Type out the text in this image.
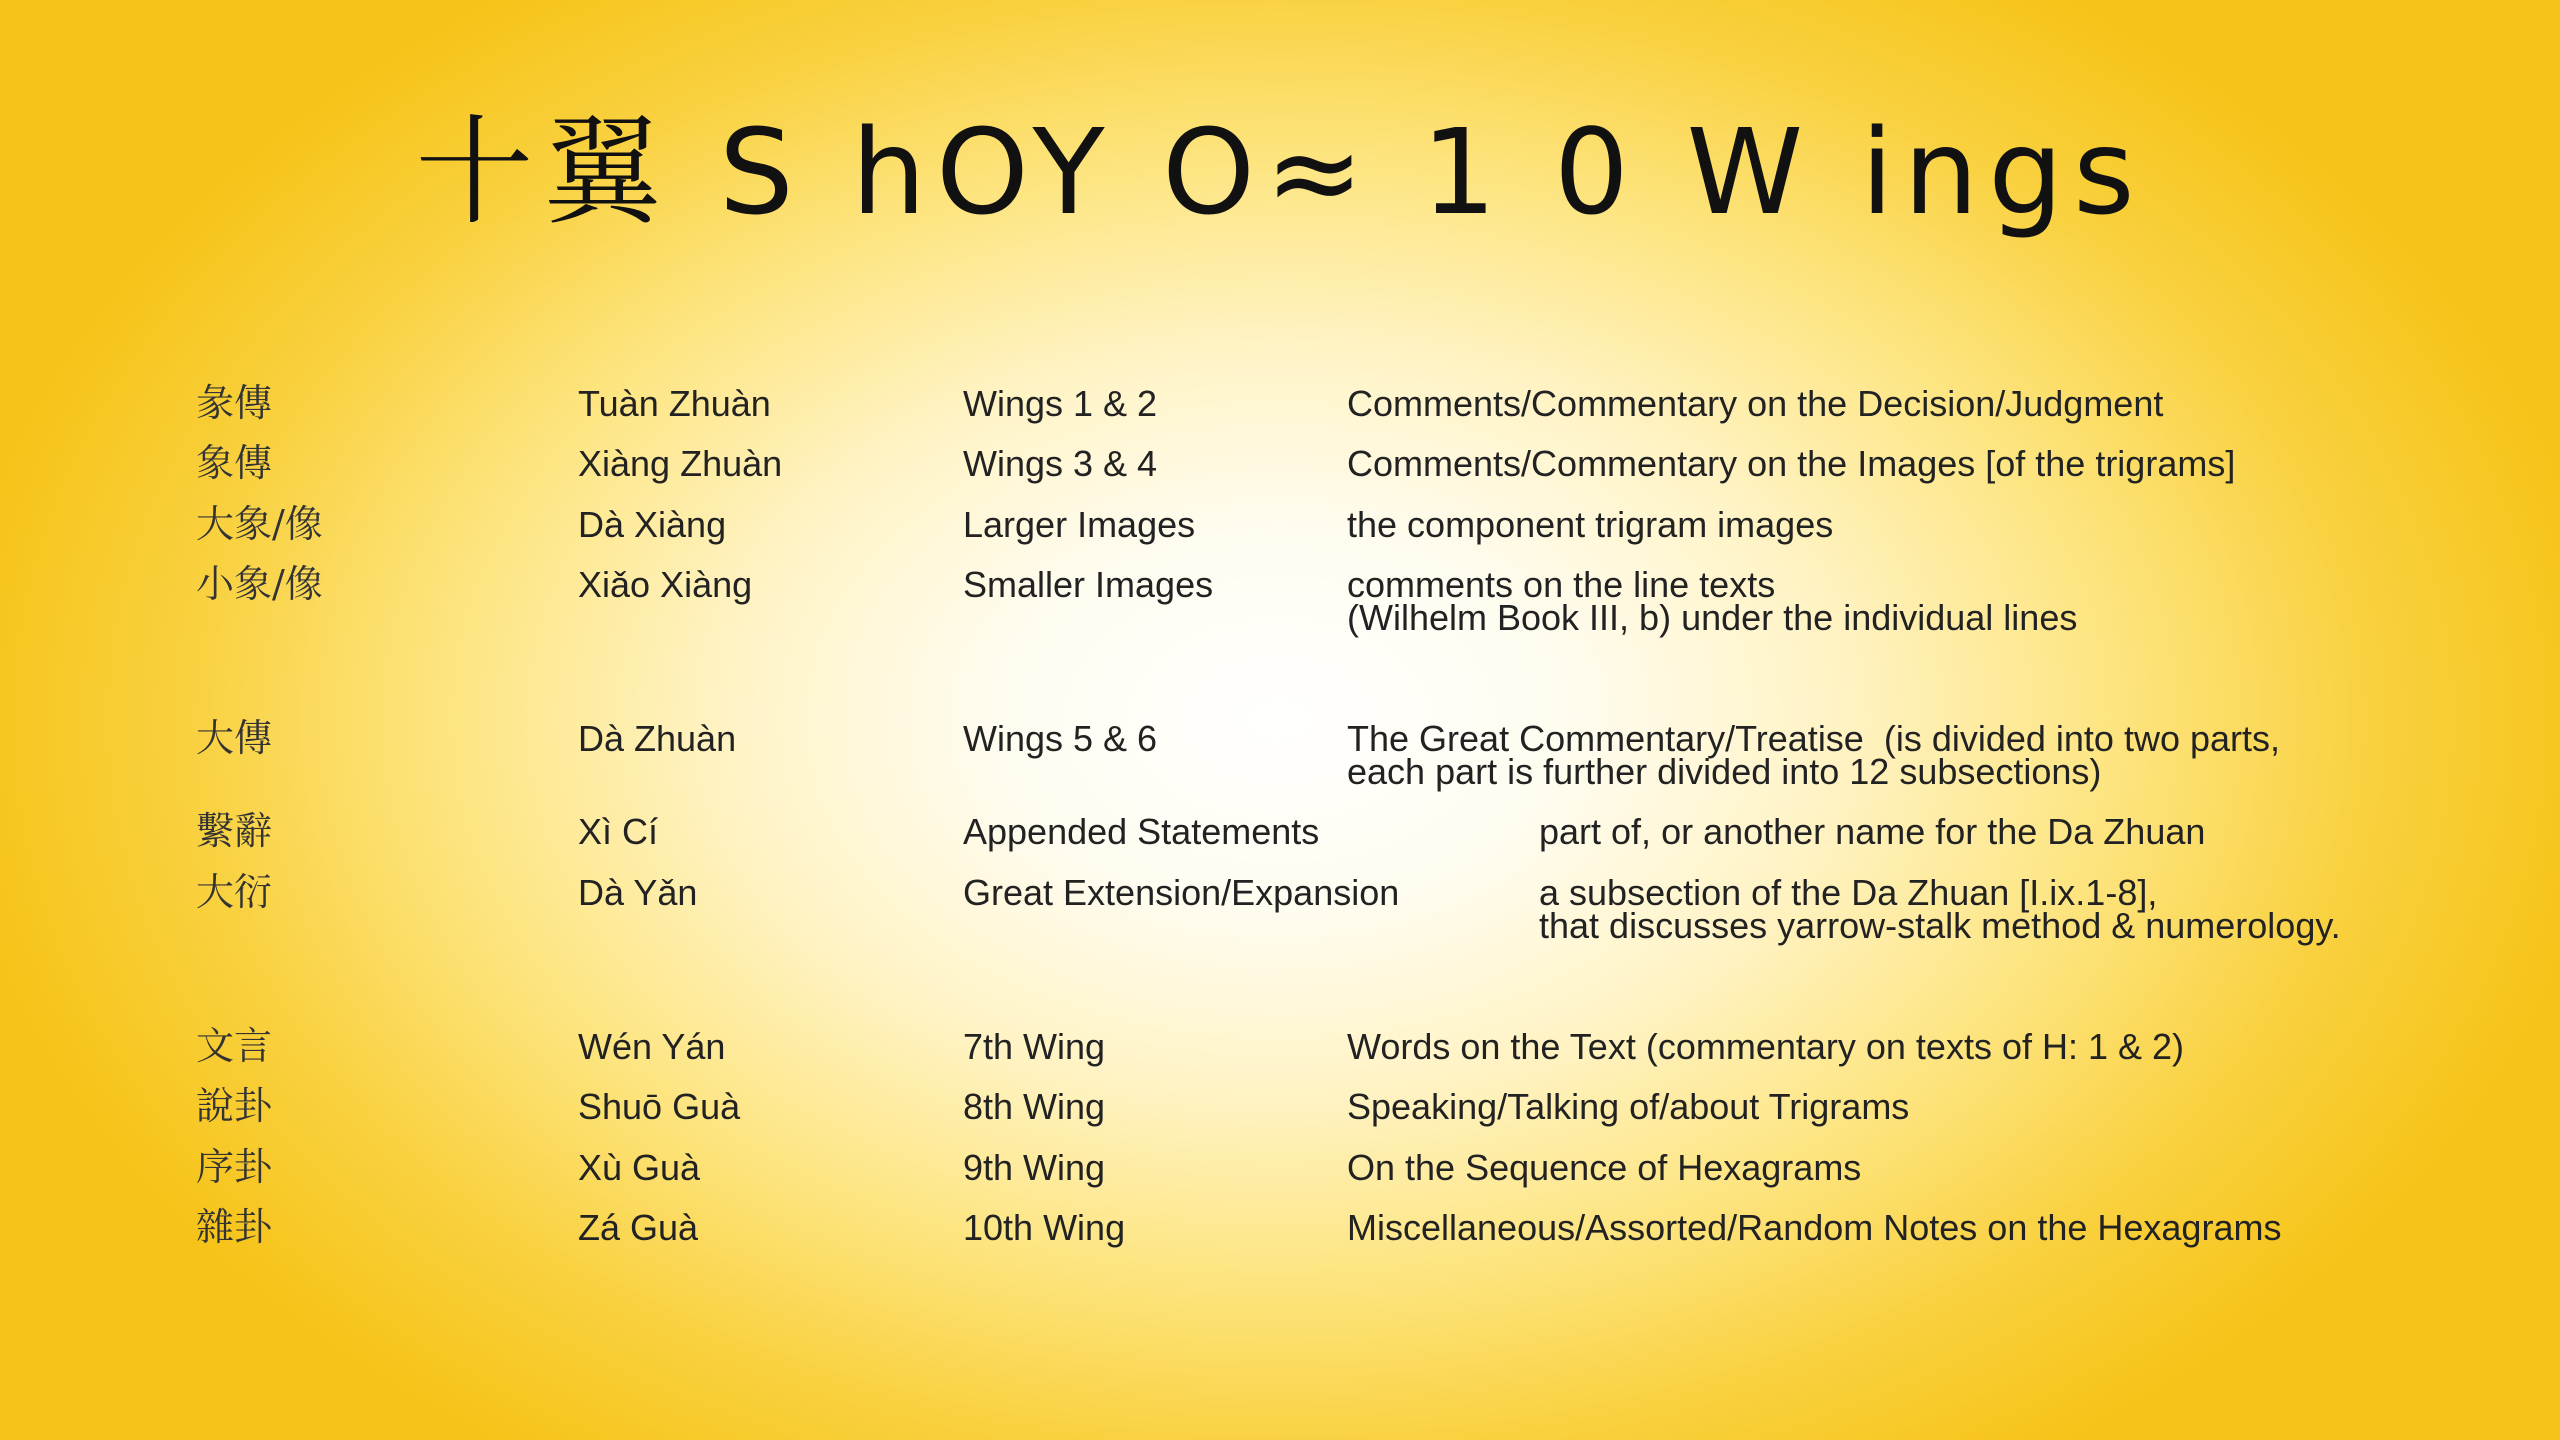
十翼 S hOY O≈ 1 0 W ings
彖傳	Tuàn Zhuàn	Wings 1 & 2	Comments/Commentary on the Decision/Judgment
象傳	Xiàng Zhuàn	Wings 3 & 4	Comments/Commentary on the Images [of the trigrams]
大象/像	Dà Xiàng	Larger Images	the component trigram images
小象/像	Xiǎo Xiàng	Smaller Images	comments on the line texts
(Wilhelm Book III, b) under the individual lines
大傳	Dà Zhuàn	Wings 5 & 6	The Great Commentary/Treatise  (is divided into two parts,
each part is further divided into 12 subsections)
繫辭	Xì Cí	Appended Statements	part of, or another name for the Da Zhuan
大衍	Dà Yǎn	Great Extension/Expansion	a subsection of the Da Zhuan [I.ix.1-8],
that discusses yarrow-stalk method & numerology.
文言	Wén Yán	7th Wing	Words on the Text (commentary on texts of H: 1 & 2)
說卦	Shuō Guà	8th Wing	Speaking/Talking of/about Trigrams
序卦	Xù Guà	9th Wing	On the Sequence of Hexagrams
雜卦	Zá Guà	10th Wing	Miscellaneous/Assorted/Random Notes on the Hexagrams
